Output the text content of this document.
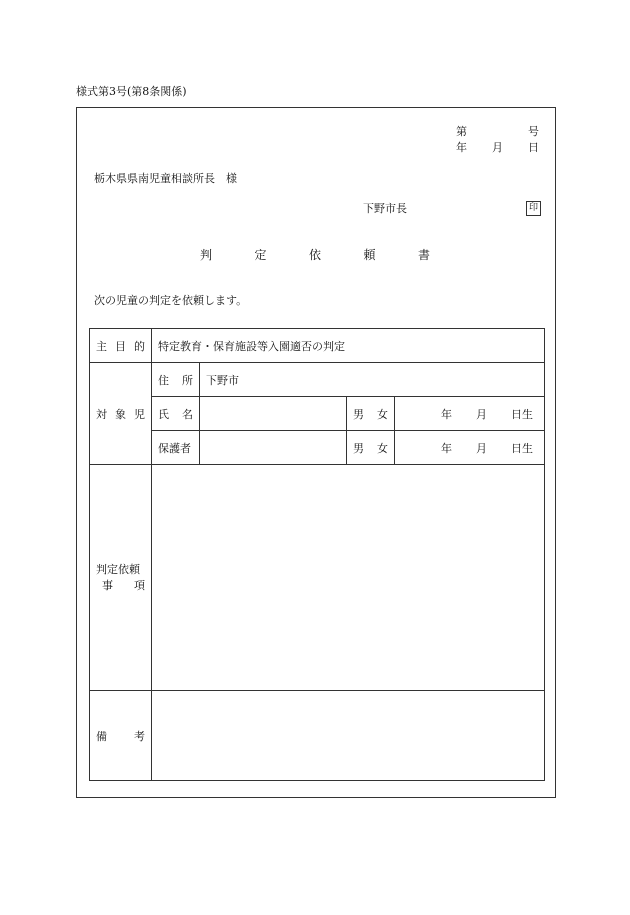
様式第3号(第8条関係)
第	号
年 月 日
栃木県県南児童相談所長　様
下野市長	印
判	定	依	頼	書
次の児童の判定を依頼します。
主 目 的	特定教育・保育施設等入園適否の判定			

対 象 児	住 所	下野市		

	氏 名		男 女	年 月 日生

	保護者		男 女	年 月 日生

判定依頼
事 項				

備 考				
